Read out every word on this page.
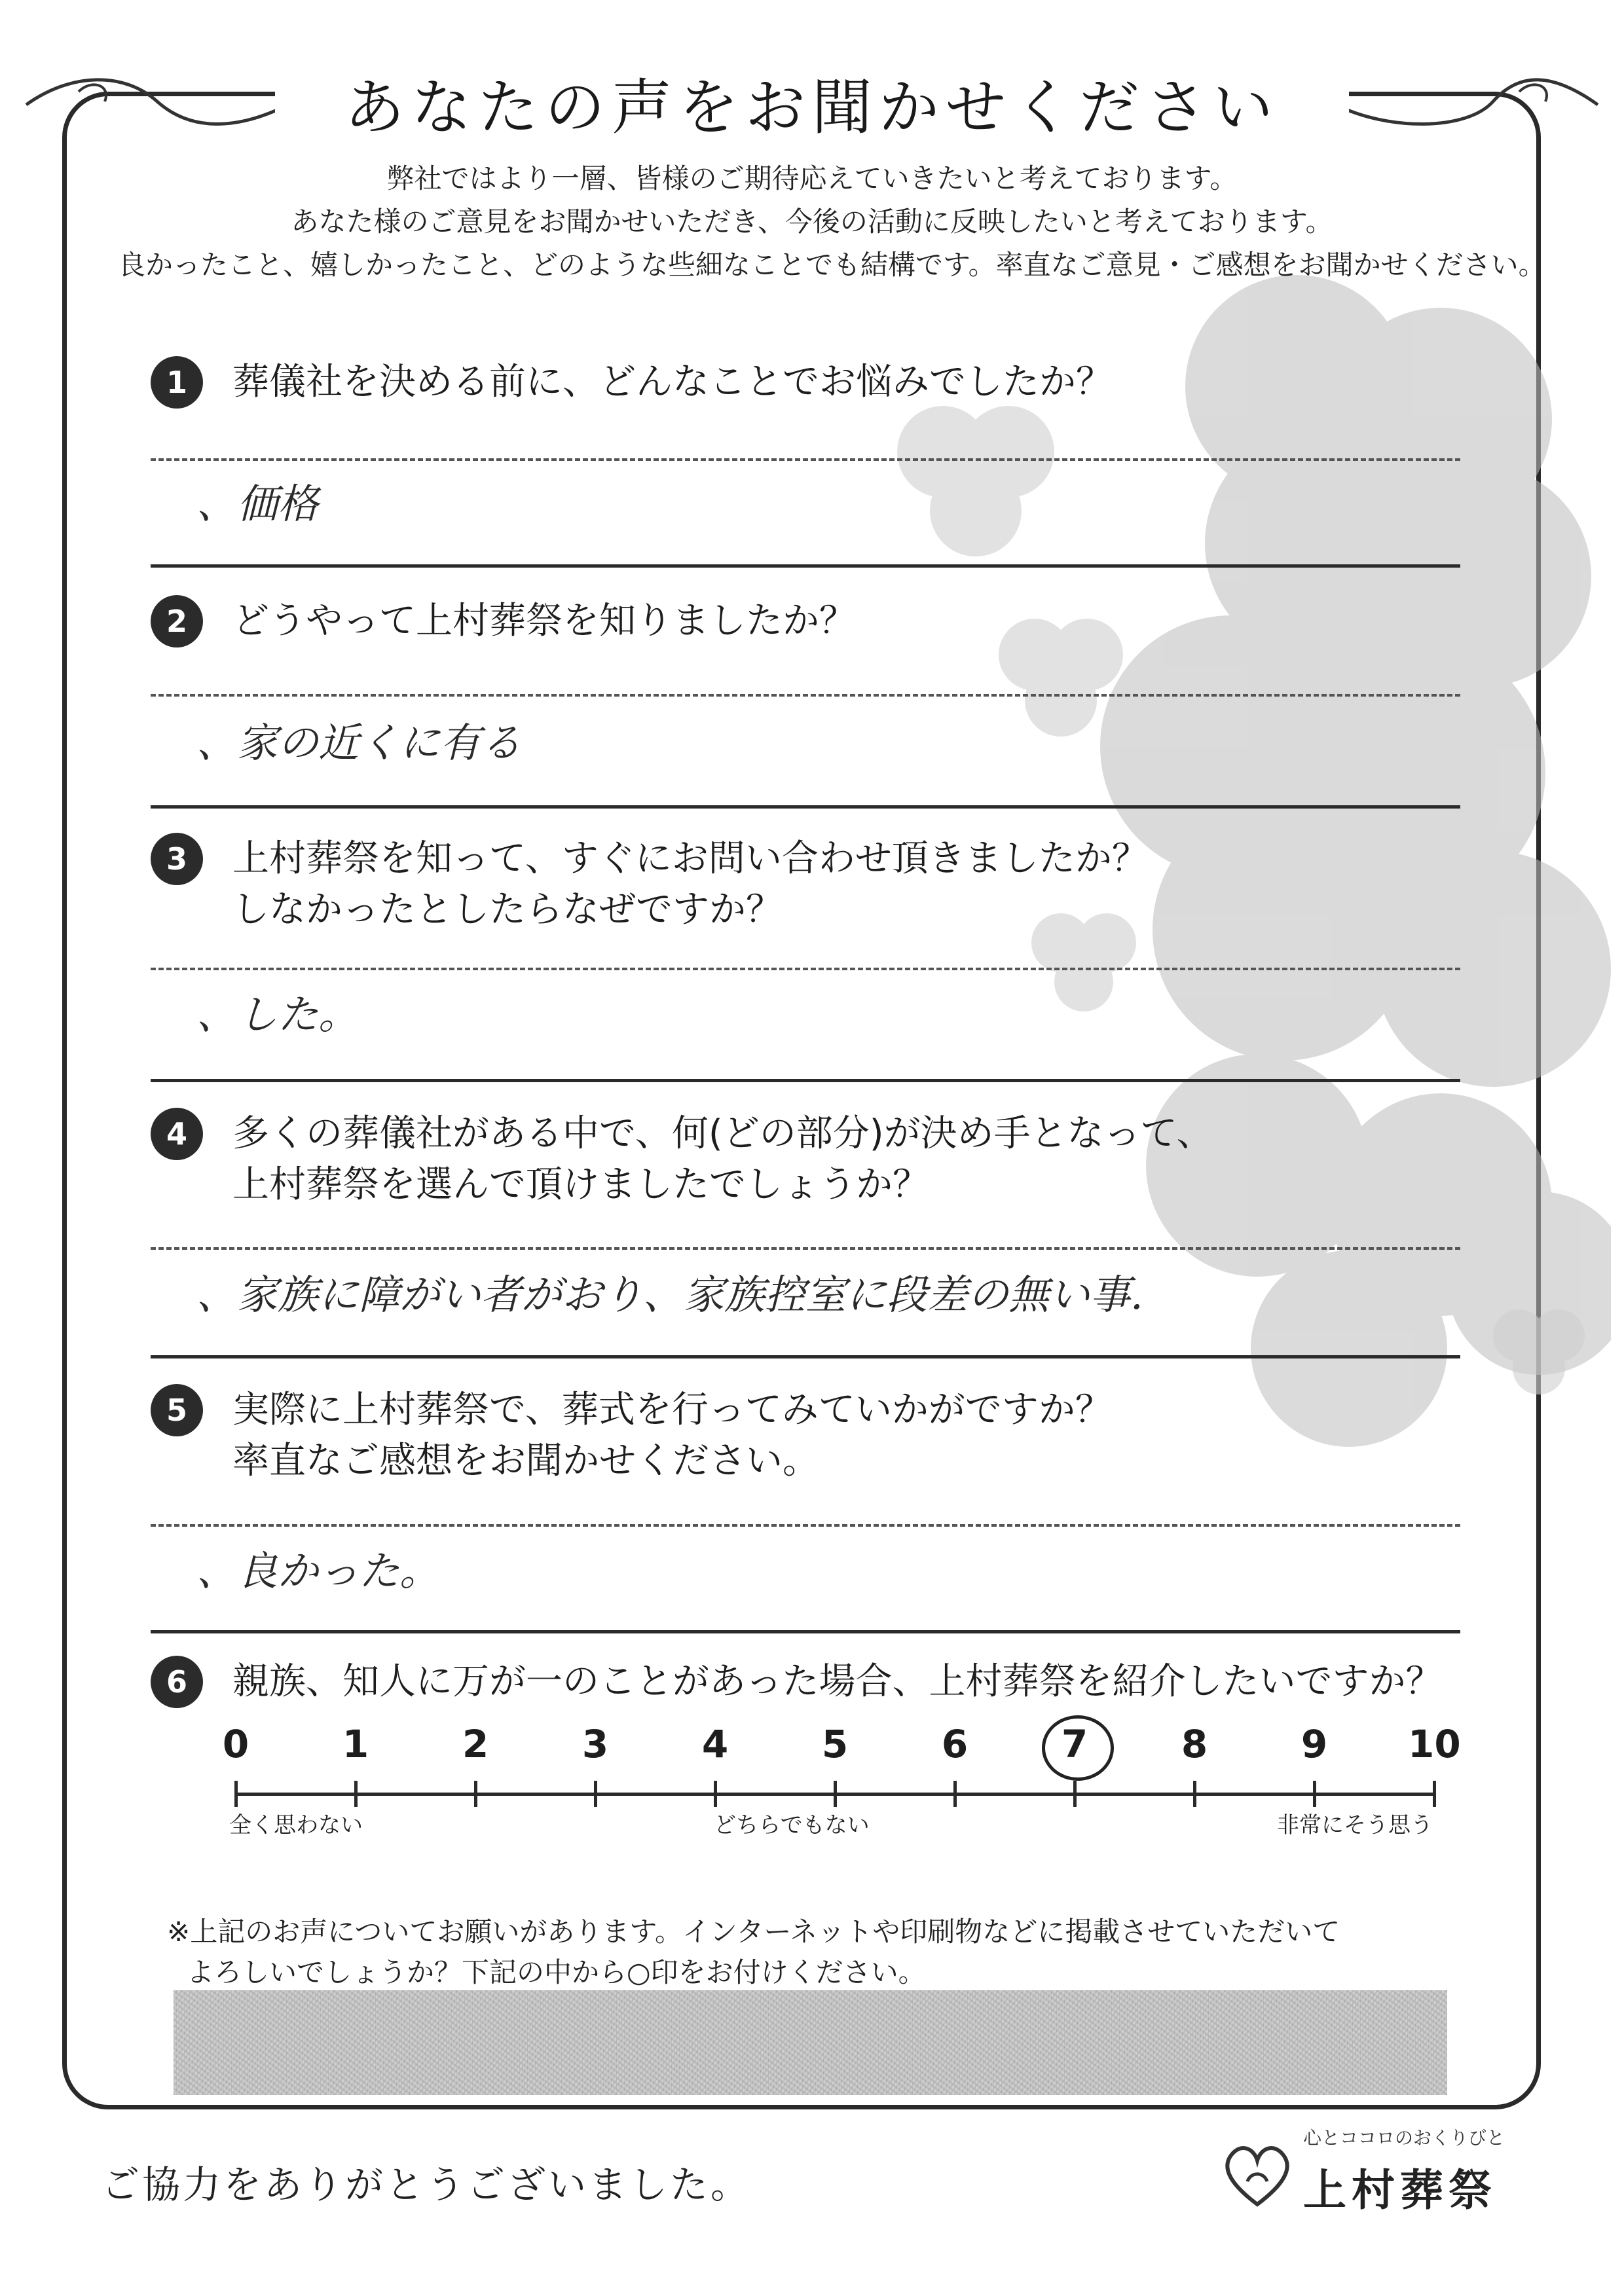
あなたの声をお聞かせください
弊社ではより一層、皆様のご期待応えていきたいと考えております。
あなた様のご意見をお聞かせいただき、今後の活動に反映したいと考えております。
良かったこと、嬉しかったこと、どのような些細なことでも結構です。率直なご意見・ご感想をお聞かせください。
1	葬儀社を決める前に、どんなことでお悩みでしたか？
、価格
2	どうやって上村葬祭を知りましたか？
、家の近くに有る
3	上村葬祭を知って、すぐにお問い合わせ頂きましたか？
しなかったとしたらなぜですか？
、した。
4	多くの葬儀社がある中で、何(どの部分)が決め手となって、
上村葬祭を選んで頂けましたでしょうか？
、家族に障がい者がおり、家族控室に段差の無い事.
5	実際に上村葬祭で、葬式を行ってみていかがですか？
率直なご感想をお聞かせください。
、良かった。
6	親族、知人に万が一のことがあった場合、上村葬祭を紹介したいですか？
全く思わない	どちらでもない	非常にそう思う
0	1	2	3	4	5	6	7	8	9	10
※上記のお声についてお願いがあります。インターネットや印刷物などに掲載させていただいて
よろしいでしょうか？下記の中から○印をお付けください。
ご協力をありがとうございました。
心とココロのおくりびと
上村葬祭
